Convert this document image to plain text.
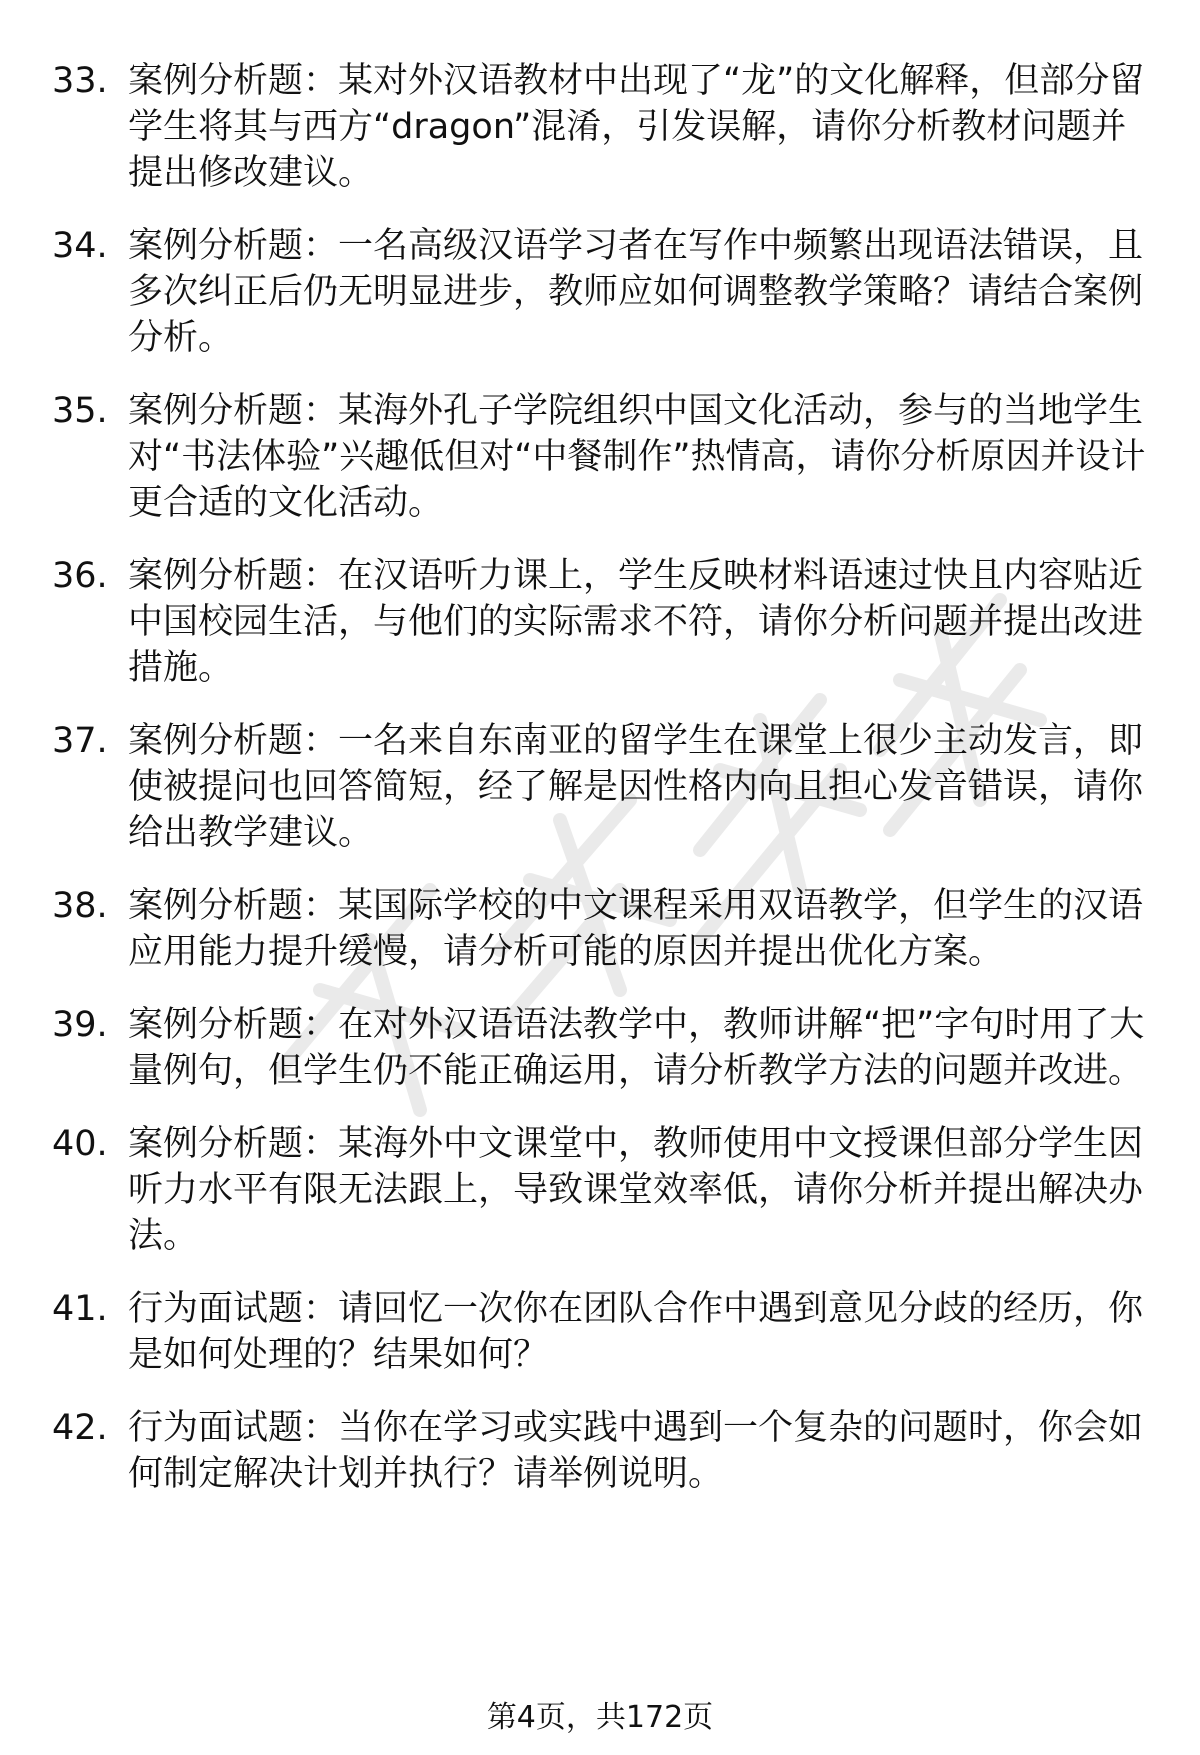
33. 案例分析题：某对外汉语教材中出现了“龙”的文化解释，但部分留学生将其与西方“dragon”混淆，引发误解，请你分析教材问题并提出修改建议。
34. 案例分析题：一名高级汉语学习者在写作中频繁出现语法错误，且多次纠正后仍无明显进步，教师应如何调整教学策略？请结合案例分析。
35. 案例分析题：某海外孔子学院组织中国文化活动，参与的当地学生对“书法体验”兴趣低但对“中餐制作”热情高，请你分析原因并设计更合适的文化活动。
36. 案例分析题：在汉语听力课上，学生反映材料语速过快且内容贴近中国校园生活，与他们的实际需求不符，请你分析问题并提出改进措施。
37. 案例分析题：一名来自东南亚的留学生在课堂上很少主动发言，即使被提问也回答简短，经了解是因性格内向且担心发音错误，请你给出教学建议。
38. 案例分析题：某国际学校的中文课程采用双语教学，但学生的汉语应用能力提升缓慢，请分析可能的原因并提出优化方案。
39. 案例分析题：在对外汉语语法教学中，教师讲解“把”字句时用了大量例句，但学生仍不能正确运用，请分析教学方法的问题并改进。
40. 案例分析题：某海外中文课堂中，教师使用中文授课但部分学生因听力水平有限无法跟上，导致课堂效率低，请你分析并提出解决办法。
41. 行为面试题：请回忆一次你在团队合作中遇到意见分歧的经历，你是如何处理的？结果如何？
42. 行为面试题：当你在学习或实践中遇到一个复杂的问题时，你会如何制定解决计划并执行？请举例说明。
第4页，共172页
